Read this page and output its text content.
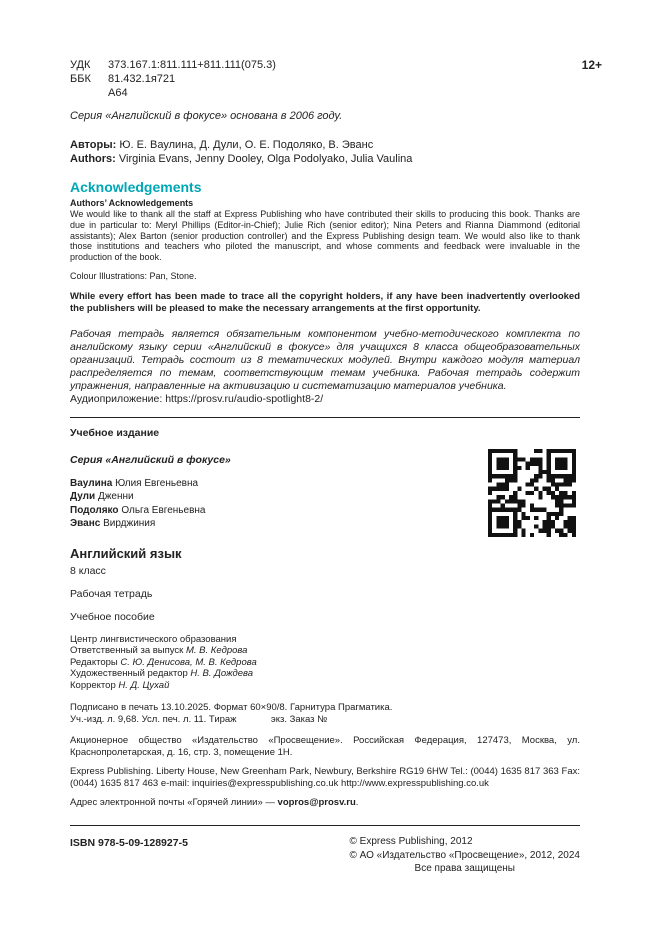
12+
УДК 373.167.1:811.111+811.111(075.3)
ББК 81.432.1я721
А64

Серия «Английский в фокусе» основана в 2006 году.

Авторы: Ю. Е. Ваулина, Д. Дули, О. Е. Подоляко, В. Эванс

Authors: Virginia Evans, Jenny Dooley, Olga Podolyako, Julia Vaulina

Acknowledgements

Authors’ Acknowledgements

We would like to thank all the staff at Express Publishing who have contributed their skills to producing this book. Thanks are due in particular to: Meryl Phillips (Editor-in-Chief); Julie Rich (senior editor); Nina Peters and Rianna Diammond (editorial assistants); Alex Barton (senior production controller) and the Express Publishing design team. We would also like to thank those institutions and teachers who piloted the manuscript, and whose comments and feedback were invaluable in the production of the book.

Colour Illustrations: Pan, Stone.

While every effort has been made to trace all the copyright holders, if any have been inadvertently overlooked the publishers will be pleased to make the necessary arrangements at the first opportunity.

Рабочая тетрадь является обязательным компонентом учебно-методического комплекта по английскому языку серии «Английский в фокусе» для учащихся 8 класса общеобразовательных организаций. Тетрадь состоит из 8 тематических модулей. Внутри каждого модуля материал распределяется по темам, соответствующим темам учебника. Рабочая тетрадь содержит упражнения, направленные на активизацию и систематизацию материалов учебника.

Аудиоприложение: https://prosv.ru/audio-spotlight8-2/

Учебное издание

Серия «Английский в фокусе»

Ваулина Юлия Евгеньевна
Дули Дженни
Подоляко Ольга Евгеньевна
Эванс Вирджиния
Английский язык

8 класс

Рабочая тетрадь

Учебное пособие

Центр лингвистического образования
Ответственный за выпуск М. В. Кедрова
Редакторы С. Ю. Денисова, М. В. Кедрова
Художественный редактор Н. В. Дождева
Корректор Н. Д. Цухай
Подписано в печать 13.10.2025. Формат 60×90/8. Гарнитура Прагматика.
Уч.-изд. л. 9,68. Усл. печ. л. 11. Тираж             экз. Заказ №

Акционерное общество «Издательство «Просвещение». Российская Федерация, 127473, Москва, ул. Краснопролетарская, д. 16, стр. 3, помещение 1Н.

Express Publishing. Liberty House, New Greenham Park, Newbury, Berkshire RG19 6HW Tel.: (0044) 1635 817 363 Fax: (0044) 1635 817 463 e-mail: inquiries@expresspublishing.co.uk http://www.expresspublishing.co.uk

Адрес электронной почты «Горячей линии» — vopros@prosv.ru.

ISBN 978-5-09-128927-5	© Express Publishing, 2012
© АО «Издательство «Просвещение», 2012, 2024
Все права защищены
